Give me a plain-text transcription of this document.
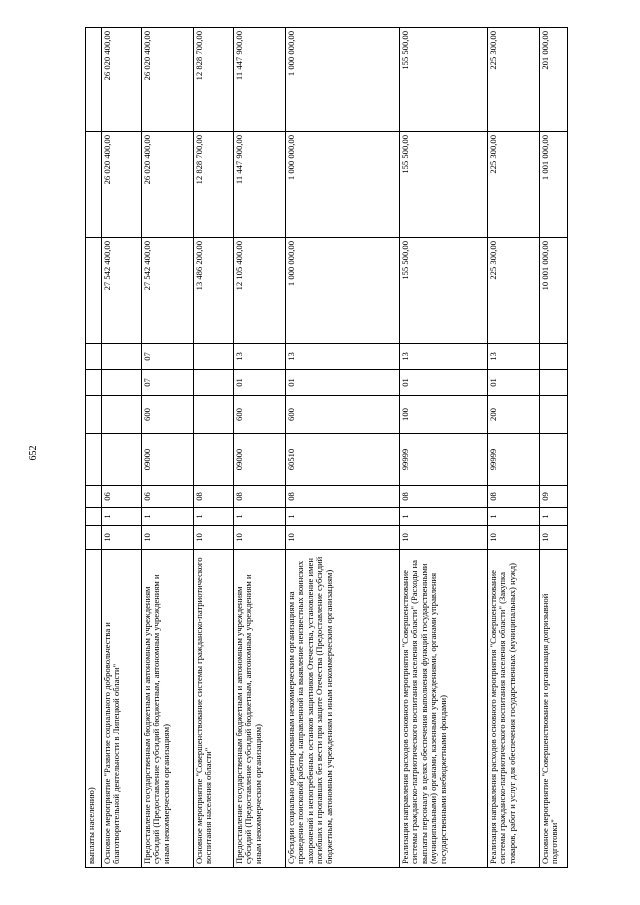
652
выплаты населению)										
Основное мероприятие "Развитие социального добровольчества и благотворительной деятельности в Липецкой области"	10	1	06					27 542 400,00	26 020 400,00	26 020 400,00
Предоставление государственным бюджетным и автономным учреждениям субсидий (Предоставление субсидий бюджетным, автономным учреждениям и иным некоммерческим организациям)	10	1	06	09000	600	07	07	27 542 400,00	26 020 400,00	26 020 400,00
Основное мероприятие "Совершенствование системы гражданско-патриотического воспитания населения области"	10	1	08					13 486 200,00	12 828 700,00	12 828 700,00
Предоставление государственным бюджетным и автономным учреждениям субсидий (Предоставление субсидий бюджетным, автономным учреждениям и иным некоммерческим организациям)	10	1	08	09000	600	01	13	12 105 400,00	11 447 900,00	11 447 900,00
Субсидии социально ориентированным некоммерческим организациям на проведение поисковой работы, направленной на выявление неизвестных воинских захоронений и непогребенных останков защитников Отечества, установление имен погибших и пропавших без вести при защите Отечества (Предоставление субсидий бюджетным, автономным учреждениям и иным некоммерческим организациям)	10	1	08	60510	600	01	13	1 000 000,00	1 000 000,00	1 000 000,00
Реализация направления расходов основного мероприятия "Совершенствование системы гражданско-патриотического воспитания населения области" (Расходы на выплаты персоналу в целях обеспечения выполнения функций государственными (муниципальными) органами, казенными учреждениями, органами управления государственными внебюджетными фондами)	10	1	08	99999	100	01	13	155 500,00	155 500,00	155 500,00
Реализация направления расходов основного мероприятия "Совершенствование системы гражданско-патриотического воспитания населения области" (Закупка товаров, работ и услуг для обеспечения государственных (муниципальных) нужд)	10	1	08	99999	200	01	13	225 300,00	225 300,00	225 300,00
Основное мероприятие "Совершенствование и организация допризывной подготовки"	10	1	09					10 001 000,00	1 001 000,00	201 000,00
